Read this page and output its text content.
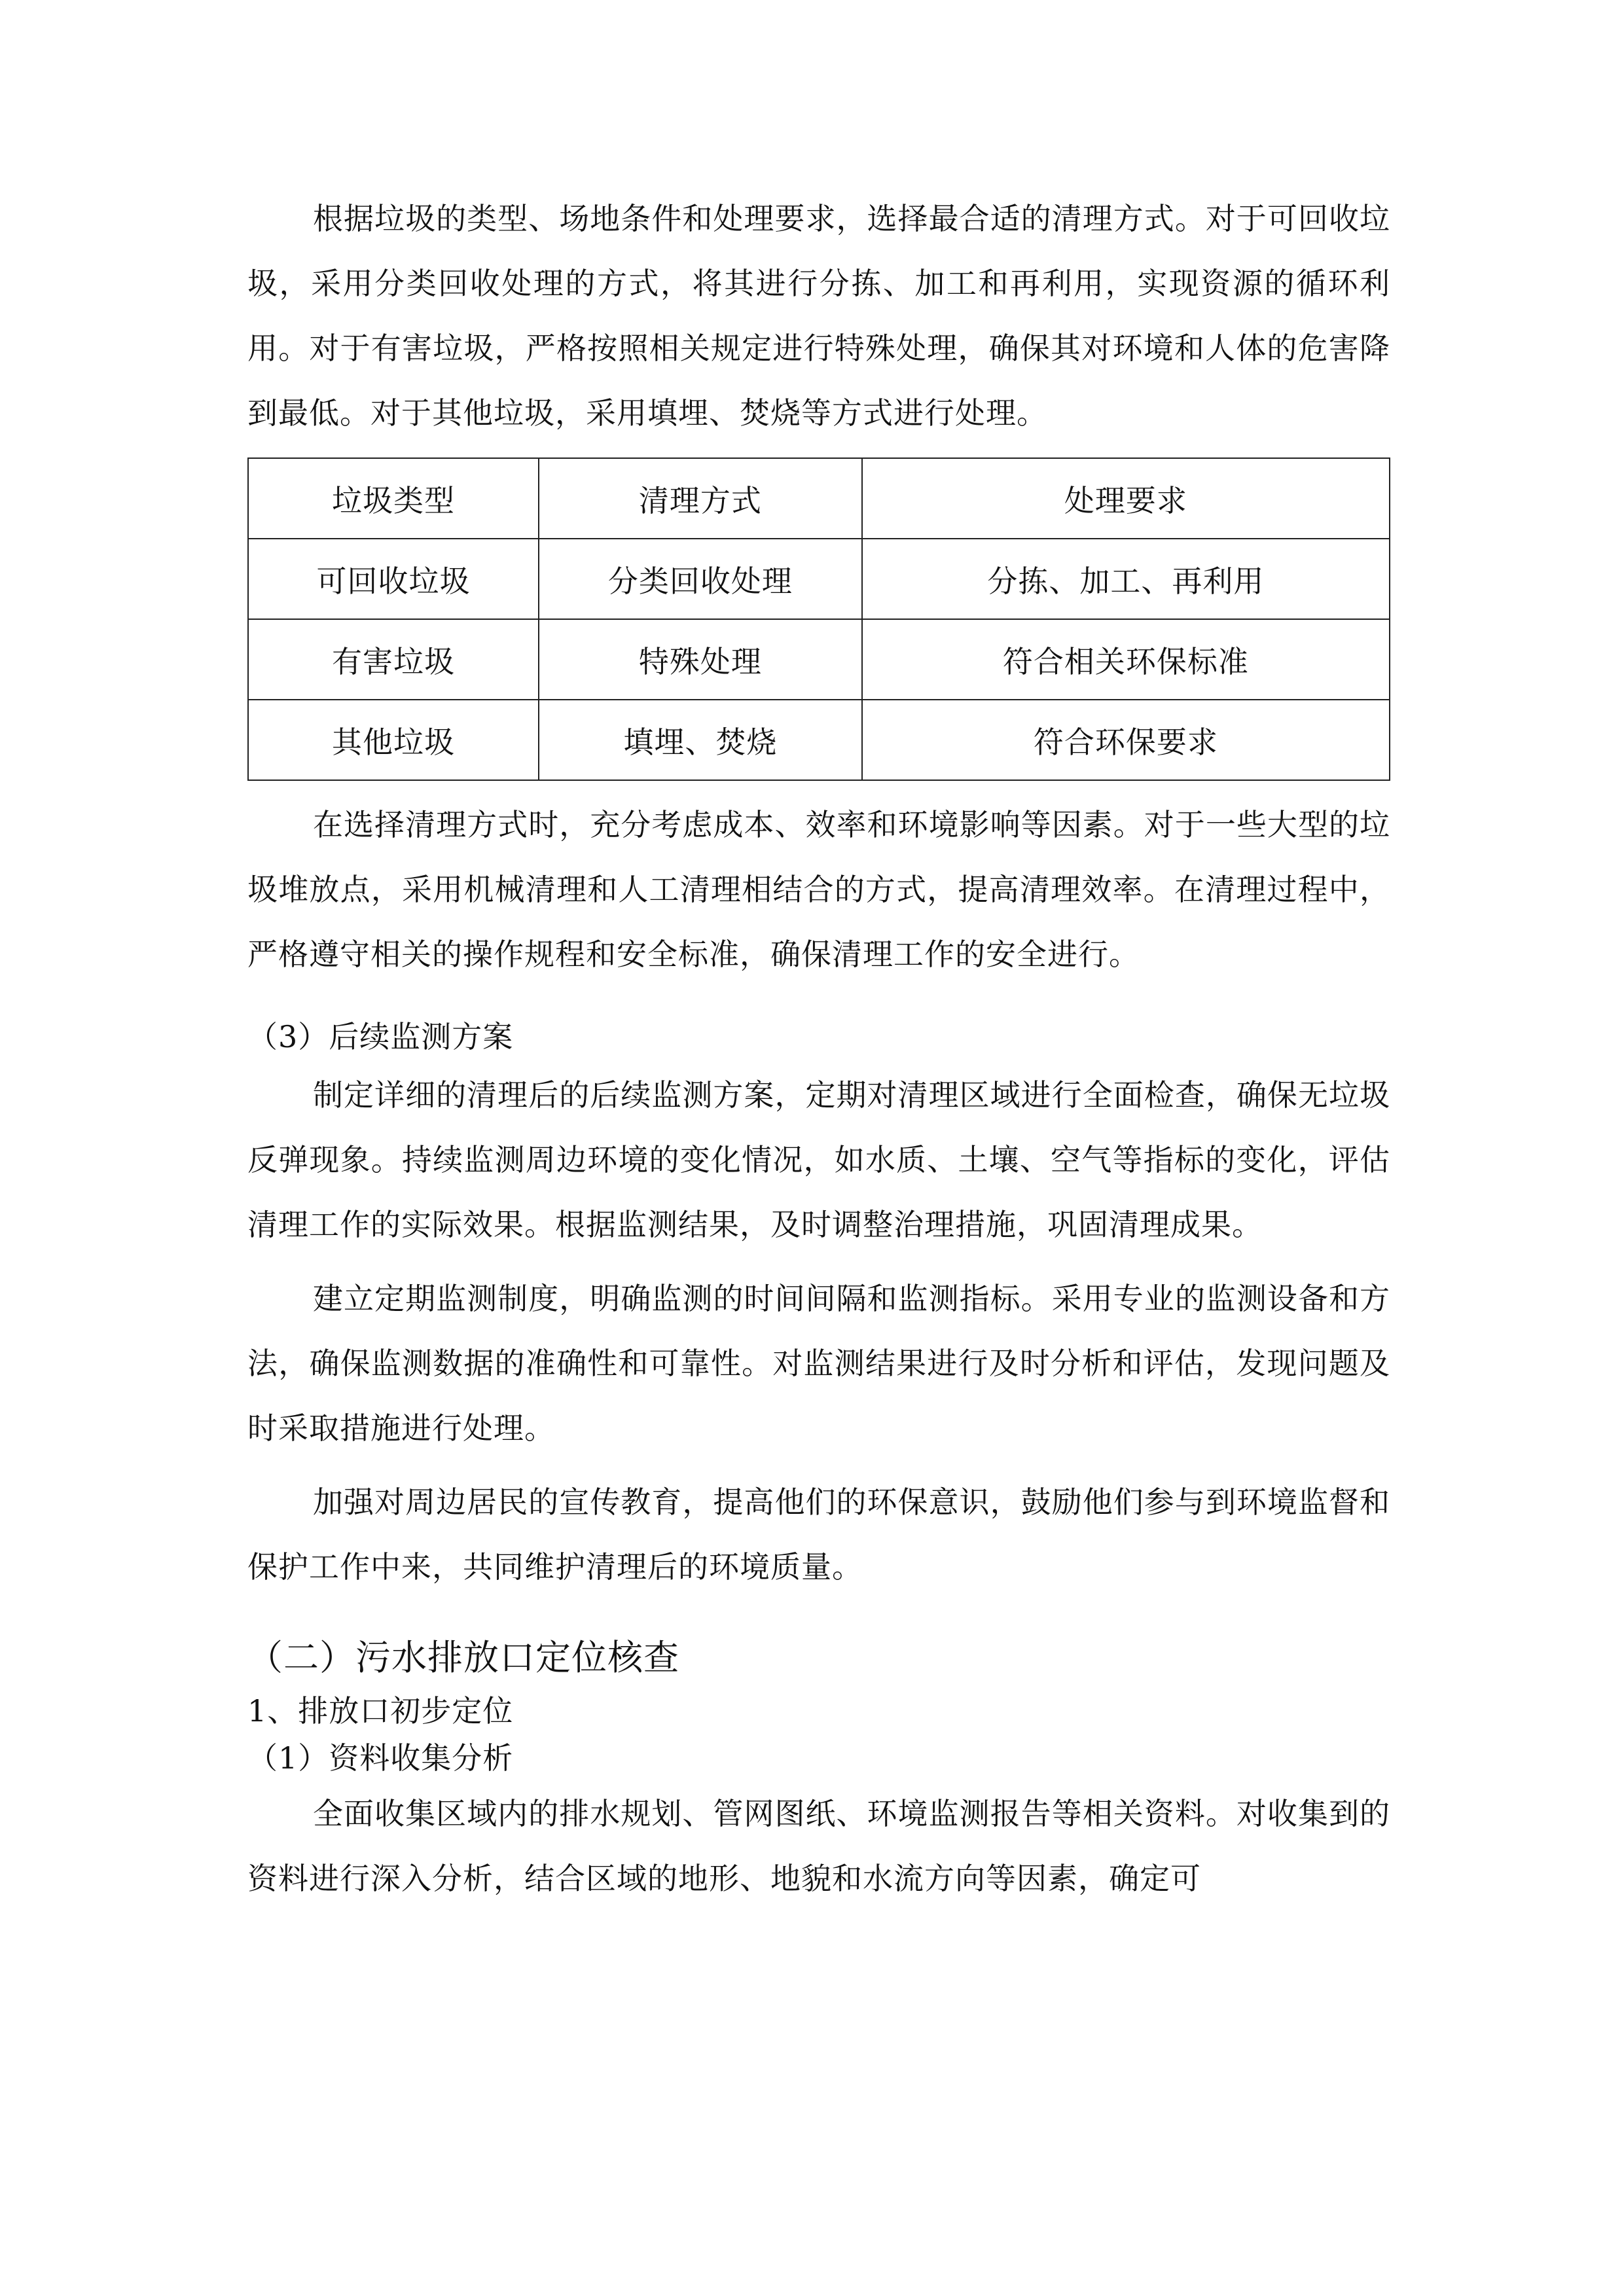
根据垃圾的类型、场地条件和处理要求，选择最合适的清理方式。对于可回收垃圾，采用分类回收处理的方式，将其进行分拣、加工和再利用，实现资源的循环利用。对于有害垃圾，严格按照相关规定进行特殊处理，确保其对环境和人体的危害降到最低。对于其他垃圾，采用填埋、焚烧等方式进行处理。

垃圾类型	清理方式	处理要求
可回收垃圾	分类回收处理	分拣、加工、再利用
有害垃圾	特殊处理	符合相关环保标准
其他垃圾	填埋、焚烧	符合环保要求

在选择清理方式时，充分考虑成本、效率和环境影响等因素。对于一些大型的垃圾堆放点，采用机械清理和人工清理相结合的方式，提高清理效率。在清理过程中，严格遵守相关的操作规程和安全标准，确保清理工作的安全进行。

（3）后续监测方案

制定详细的清理后的后续监测方案，定期对清理区域进行全面检查，确保无垃圾反弹现象。持续监测周边环境的变化情况，如水质、土壤、空气等指标的变化，评估清理工作的实际效果。根据监测结果，及时调整治理措施，巩固清理成果。

建立定期监测制度，明确监测的时间间隔和监测指标。采用专业的监测设备和方法，确保监测数据的准确性和可靠性。对监测结果进行及时分析和评估，发现问题及时采取措施进行处理。

加强对周边居民的宣传教育，提高他们的环保意识，鼓励他们参与到环境监督和保护工作中来，共同维护清理后的环境质量。

（二）污水排放口定位核查

1、排放口初步定位

（1）资料收集分析

全面收集区域内的排水规划、管网图纸、环境监测报告等相关资料。对收集到的资料进行深入分析，结合区域的地形、地貌和水流方向等因素，确定可
